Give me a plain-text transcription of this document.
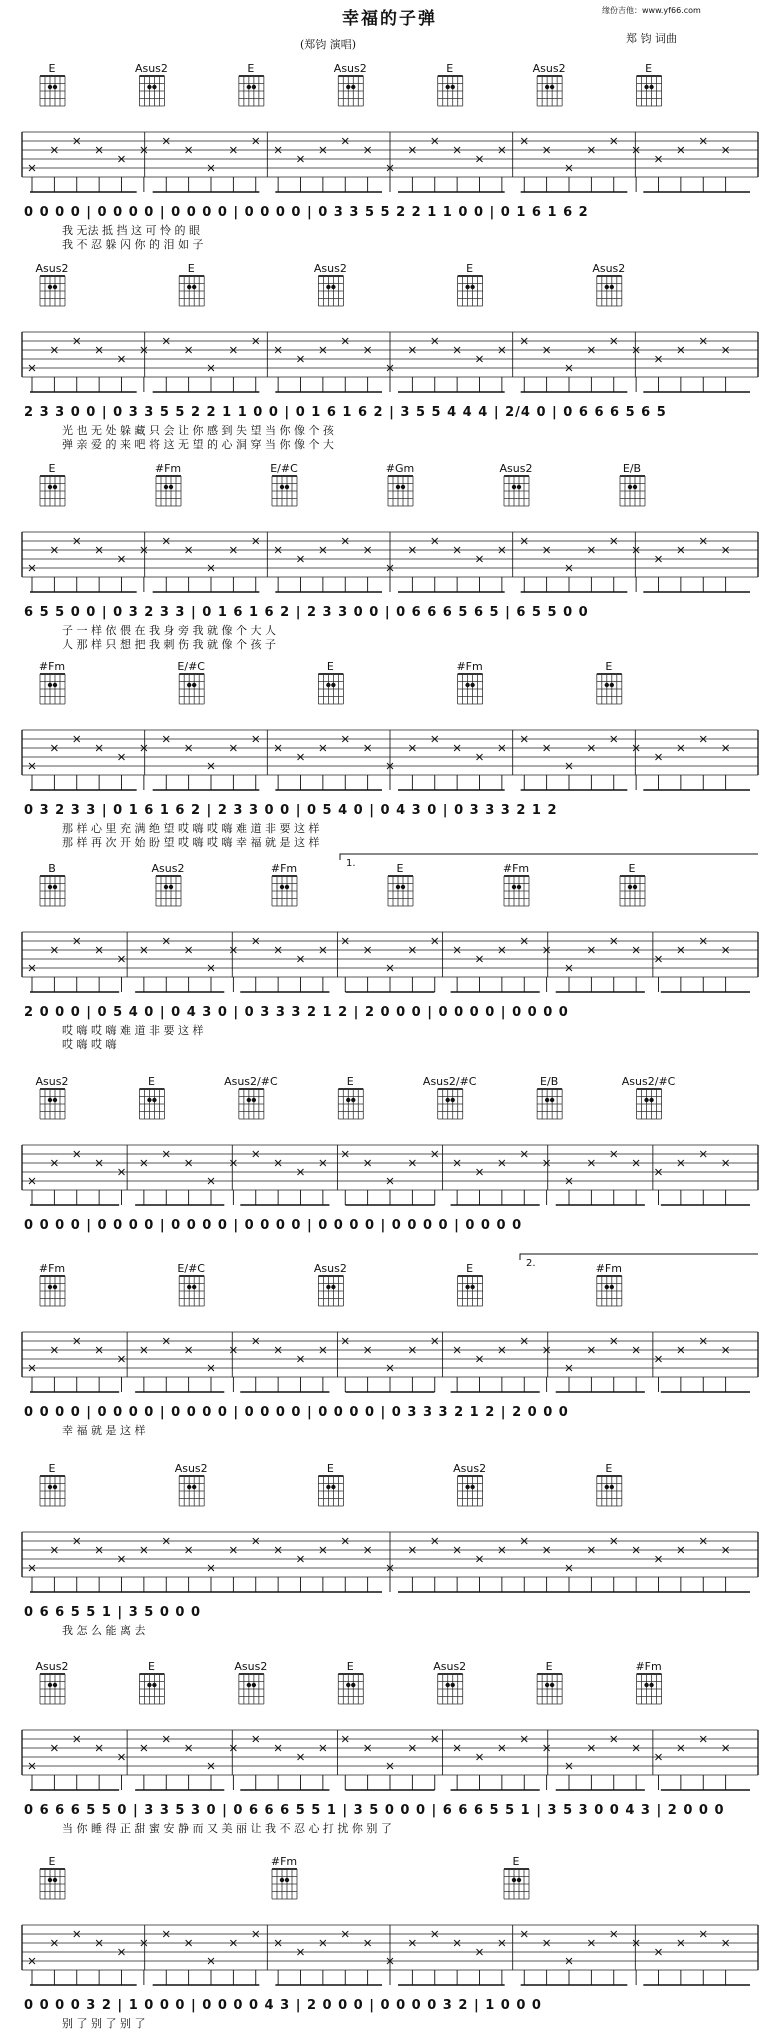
幸福的子弹
(郑钧 演唱)	郑 钧 词曲
缘份吉他：www.yf66.com
E	Asus2	E	Asus2	E	Asus2	E
0 0 0 0 | 0 0 0 0 | 0 0 0 0 | 0 0 0 0 | 0 3 3 5 5 2 2 1 1 0 0 | 0 1 6 1 6 2
我 无法 抵 挡 这 可 怜 的 眼
我 不 忍 躲 闪 你 的 泪 如 子
Asus2	E	Asus2	E	Asus2
2 3 3 0 0 | 0 3 3 5 5 2 2 1 1 0 0 | 0 1 6 1 6 2 | 3 5 5 4 4 4 | 2/4 0 | 0 6 6 6 5 6 5
光 也 无 处 躲 藏 只 会 让 你 感 到 失 望 当 你 像 个 孩
弹 亲 爱 的 来 吧 将 这 无 望 的 心 洞 穿 当 你 像 个 大
E	#Fm	E/#C	#Gm	Asus2	E/B
6 5 5 0 0 | 0 3 2 3 3 | 0 1 6 1 6 2 | 2 3 3 0 0 | 0 6 6 6 5 6 5 | 6 5 5 0 0
子 一 样 依 偎 在 我 身 旁 我 就 像 个 大 人
人 那 样 只 想 把 我 刺 伤 我 就 像 个 孩 子
#Fm	E/#C	E	#Fm	E
0 3 2 3 3 | 0 1 6 1 6 2 | 2 3 3 0 0 | 0 5 4 0 | 0 4 3 0 | 0 3 3 3 2 1 2
那 样 心 里 充 满 绝 望 哎 嗨 哎 嗨 难 道 非 要 这 样
那 样 再 次 开 始 盼 望 哎 嗨 哎 嗨 幸 福 就 是 这 样
B	Asus2	#Fm	E	#Fm	E
1.
2 0 0 0 | 0 5 4 0 | 0 4 3 0 | 0 3 3 3 2 1 2 | 2 0 0 0 | 0 0 0 0 | 0 0 0 0
哎 嗨 哎 嗨 难 道 非 要 这 样
哎 嗨 哎 嗨
Asus2	E	Asus2/#C	E	Asus2/#C	E/B	Asus2/#C
0 0 0 0 | 0 0 0 0 | 0 0 0 0 | 0 0 0 0 | 0 0 0 0 | 0 0 0 0 | 0 0 0 0
#Fm	E/#C	Asus2	E	#Fm
2.
0 0 0 0 | 0 0 0 0 | 0 0 0 0 | 0 0 0 0 | 0 0 0 0 | 0 3 3 3 2 1 2 | 2 0 0 0
幸 福 就 是 这 样
E	Asus2	E	Asus2	E
0 6 6 5 5 1 | 3 5 0 0 0
我 怎 么 能 离 去
Asus2	E	Asus2	E	Asus2	E	#Fm
0 6 6 6 5 5 0 | 3 3 5 3 0 | 0 6 6 6 5 5 1 | 3 5 0 0 0 | 6 6 6 5 5 1 | 3 5 3 0 0 4 3 | 2 0 0 0
当 你 睡 得 正 甜 蜜 安 静 而 又 美 丽 让 我 不 忍 心 打 扰 你 别 了
E	#Fm	E
0 0 0 0 3 2 | 1 0 0 0 | 0 0 0 0 4 3 | 2 0 0 0 | 0 0 0 0 3 2 | 1 0 0 0
别 了 别 了 别 了
